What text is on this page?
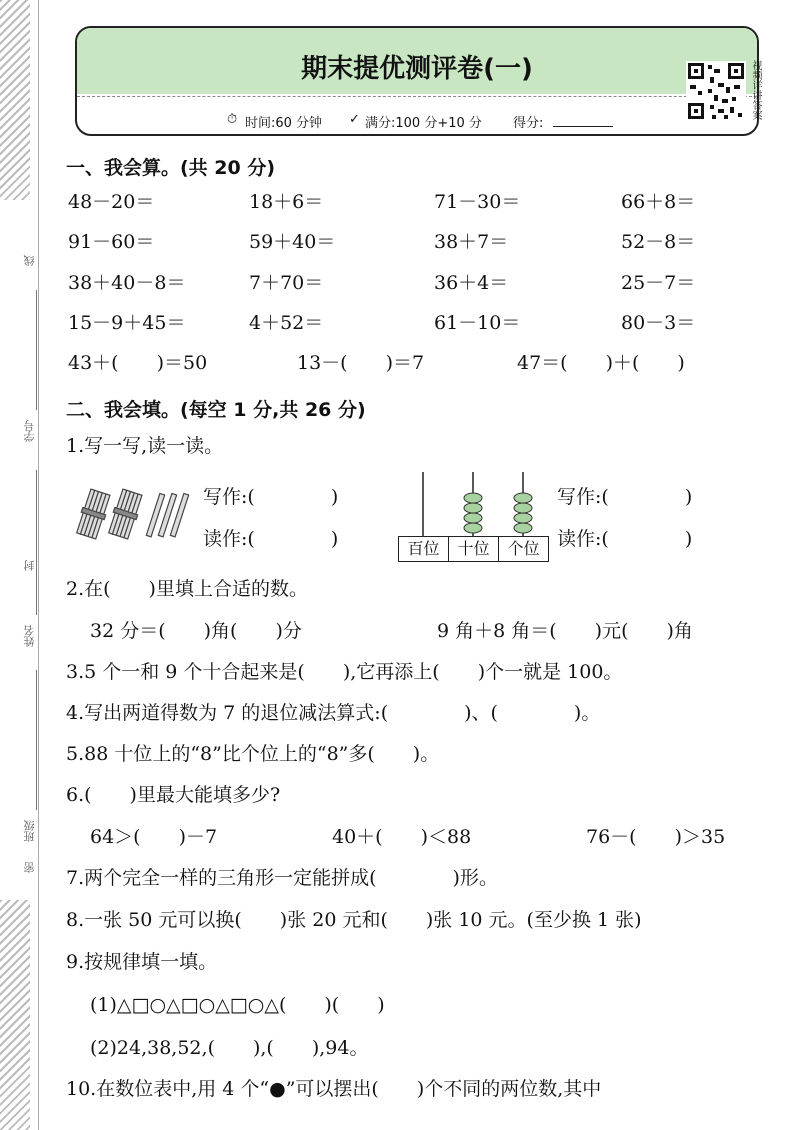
线
学号
封
姓名
班级
密
期末提优测评卷(一)
⏱ 时间:60 分钟 ✓ 满分:100 分+10 分 得分:
视频详讲答案
一、我会算。(共 20 分)
48－20＝	18＋6＝	71－30＝	66＋8＝
91－60＝	59＋40＝	38＋7＝	52－8＝
38＋40－8＝	7＋70＝	36＋4＝	25－7＝
15－9＋45＝	4＋52＝	61－10＝	80－3＝
43＋(　　)＝50	13－(　　)＝7	47＝(　　)＋(　　)
二、我会填。(每空 1 分,共 26 分)
1.写一写,读一读。
写作:(　　　　)
读作:(　　　　)	百位	十位	个位
写作:(　　　　)
读作:(　　　　)
2.在(　　)里填上合适的数。
32 分＝(　　)角(　　)分	9 角＋8 角＝(　　)元(　　)角
3.5 个一和 9 个十合起来是(　　),它再添上(　　)个一就是 100。
4.写出两道得数为 7 的退位减法算式:(　　　　)、(　　　　)。
5.88 十位上的“8”比个位上的“8”多(　　)。
6.(　　)里最大能填多少?
64＞(　　)－7	40＋(　　)＜88	76－(　　)＞35
7.两个完全一样的三角形一定能拼成(　　　　)形。
8.一张 50 元可以换(　　)张 20 元和(　　)张 10 元。(至少换 1 张)
9.按规律填一填。
(1)△□○△□○△□○△(　　)(　　)
(2)24,38,52,(　　),(　　),94。
10.在数位表中,用 4 个“●”可以摆出(　　)个不同的两位数,其中
